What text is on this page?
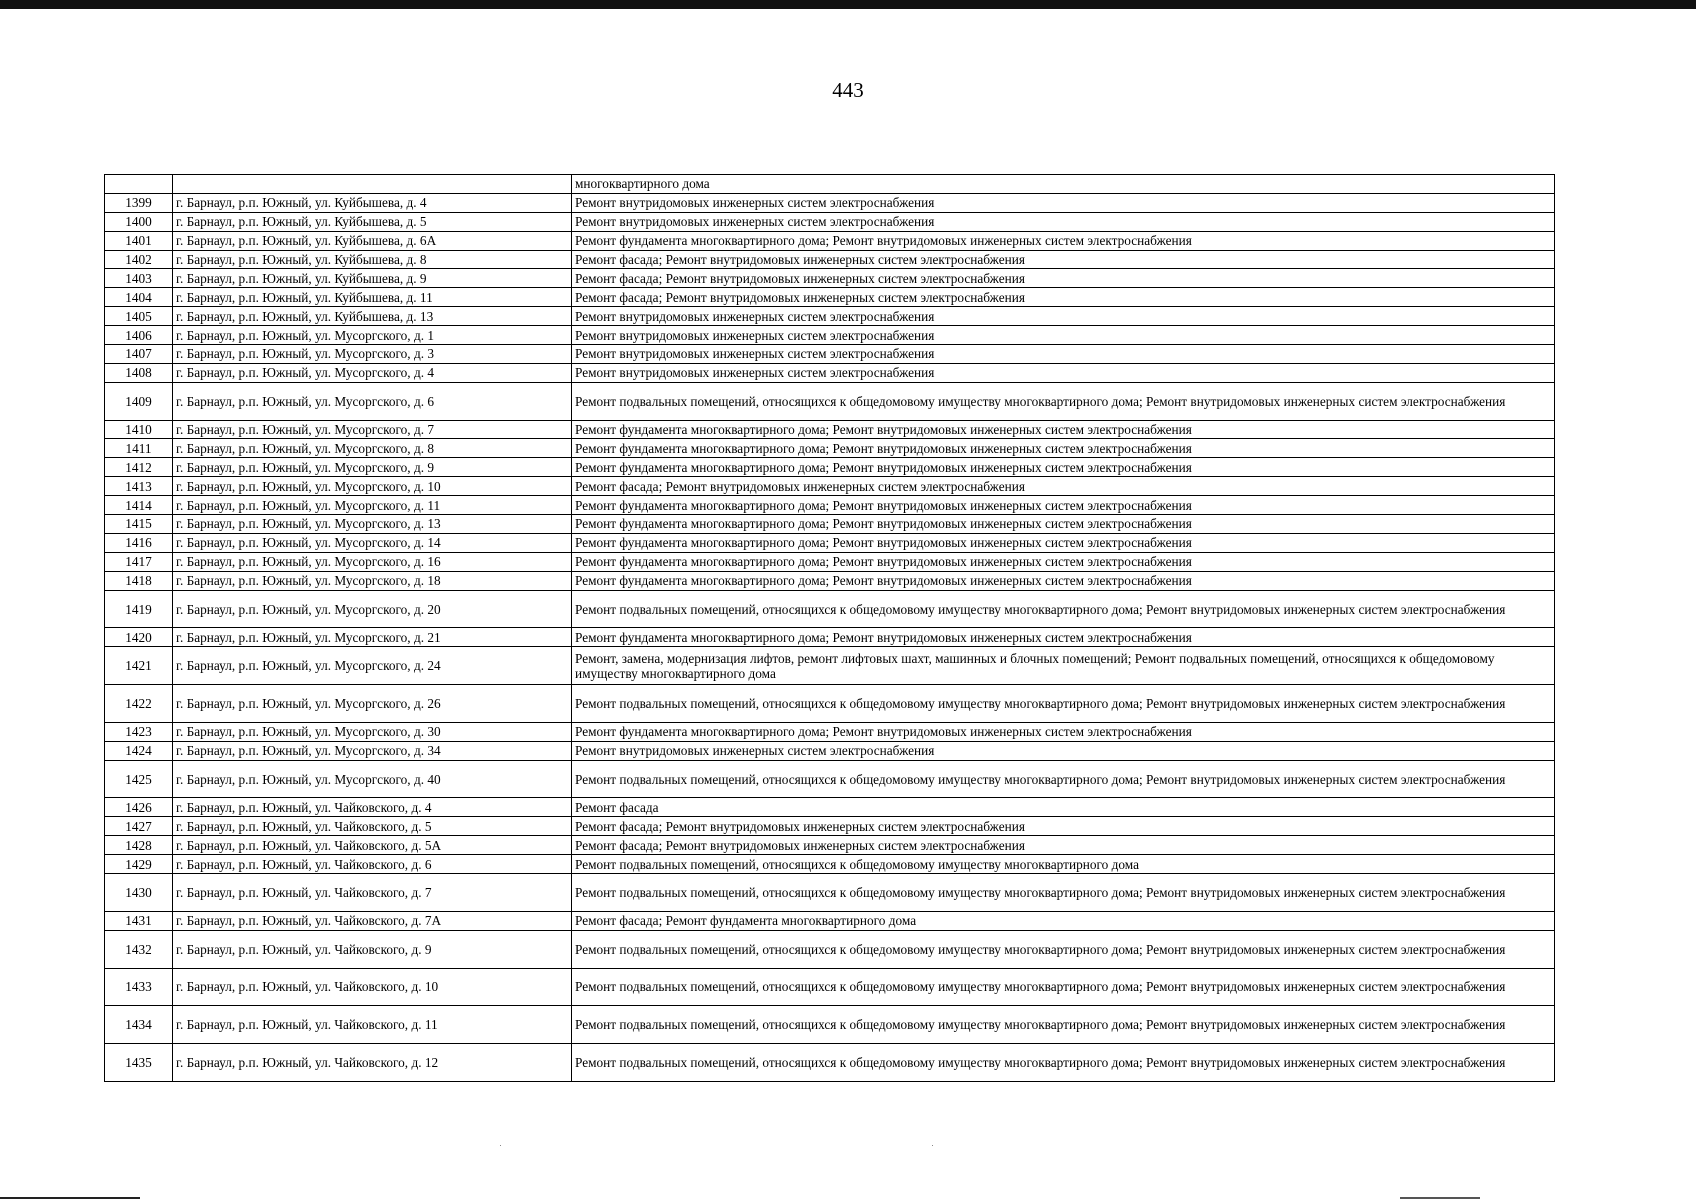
443
		многоквартирного дома
1399	г. Барнаул, р.п. Южный, ул. Куйбышева, д. 4	Ремонт внутридомовых инженерных систем электроснабжения
1400	г. Барнаул, р.п. Южный, ул. Куйбышева, д. 5	Ремонт внутридомовых инженерных систем электроснабжения
1401	г. Барнаул, р.п. Южный, ул. Куйбышева, д. 6А	Ремонт фундамента многоквартирного дома; Ремонт внутридомовых инженерных систем электроснабжения
1402	г. Барнаул, р.п. Южный, ул. Куйбышева, д. 8	Ремонт фасада; Ремонт внутридомовых инженерных систем электроснабжения
1403	г. Барнаул, р.п. Южный, ул. Куйбышева, д. 9	Ремонт фасада; Ремонт внутридомовых инженерных систем электроснабжения
1404	г. Барнаул, р.п. Южный, ул. Куйбышева, д. 11	Ремонт фасада; Ремонт внутридомовых инженерных систем электроснабжения
1405	г. Барнаул, р.п. Южный, ул. Куйбышева, д. 13	Ремонт внутридомовых инженерных систем электроснабжения
1406	г. Барнаул, р.п. Южный, ул. Мусоргского, д. 1	Ремонт внутридомовых инженерных систем электроснабжения
1407	г. Барнаул, р.п. Южный, ул. Мусоргского, д. 3	Ремонт внутридомовых инженерных систем электроснабжения
1408	г. Барнаул, р.п. Южный, ул. Мусоргского, д. 4	Ремонт внутридомовых инженерных систем электроснабжения
1409	г. Барнаул, р.п. Южный, ул. Мусоргского, д. 6	Ремонт подвальных помещений, относящихся к общедомовому имуществу многоквартирного дома; Ремонт внутридомовых инженерных систем электроснабжения
1410	г. Барнаул, р.п. Южный, ул. Мусоргского, д. 7	Ремонт фундамента многоквартирного дома; Ремонт внутридомовых инженерных систем электроснабжения
1411	г. Барнаул, р.п. Южный, ул. Мусоргского, д. 8	Ремонт фундамента многоквартирного дома; Ремонт внутридомовых инженерных систем электроснабжения
1412	г. Барнаул, р.п. Южный, ул. Мусоргского, д. 9	Ремонт фундамента многоквартирного дома; Ремонт внутридомовых инженерных систем электроснабжения
1413	г. Барнаул, р.п. Южный, ул. Мусоргского, д. 10	Ремонт фасада; Ремонт внутридомовых инженерных систем электроснабжения
1414	г. Барнаул, р.п. Южный, ул. Мусоргского, д. 11	Ремонт фундамента многоквартирного дома; Ремонт внутридомовых инженерных систем электроснабжения
1415	г. Барнаул, р.п. Южный, ул. Мусоргского, д. 13	Ремонт фундамента многоквартирного дома; Ремонт внутридомовых инженерных систем электроснабжения
1416	г. Барнаул, р.п. Южный, ул. Мусоргского, д. 14	Ремонт фундамента многоквартирного дома; Ремонт внутридомовых инженерных систем электроснабжения
1417	г. Барнаул, р.п. Южный, ул. Мусоргского, д. 16	Ремонт фундамента многоквартирного дома; Ремонт внутридомовых инженерных систем электроснабжения
1418	г. Барнаул, р.п. Южный, ул. Мусоргского, д. 18	Ремонт фундамента многоквартирного дома; Ремонт внутридомовых инженерных систем электроснабжения
1419	г. Барнаул, р.п. Южный, ул. Мусоргского, д. 20	Ремонт подвальных помещений, относящихся к общедомовому имуществу многоквартирного дома; Ремонт внутридомовых инженерных систем электроснабжения
1420	г. Барнаул, р.п. Южный, ул. Мусоргского, д. 21	Ремонт фундамента многоквартирного дома; Ремонт внутридомовых инженерных систем электроснабжения
1421	г. Барнаул, р.п. Южный, ул. Мусоргского, д. 24	Ремонт, замена, модернизация лифтов, ремонт лифтовых шахт, машинных и блочных помещений; Ремонт подвальных помещений, относящихся к общедомовому имуществу многоквартирного дома
1422	г. Барнаул, р.п. Южный, ул. Мусоргского, д. 26	Ремонт подвальных помещений, относящихся к общедомовому имуществу многоквартирного дома; Ремонт внутридомовых инженерных систем электроснабжения
1423	г. Барнаул, р.п. Южный, ул. Мусоргского, д. 30	Ремонт фундамента многоквартирного дома; Ремонт внутридомовых инженерных систем электроснабжения
1424	г. Барнаул, р.п. Южный, ул. Мусоргского, д. 34	Ремонт внутридомовых инженерных систем электроснабжения
1425	г. Барнаул, р.п. Южный, ул. Мусоргского, д. 40	Ремонт подвальных помещений, относящихся к общедомовому имуществу многоквартирного дома; Ремонт внутридомовых инженерных систем электроснабжения
1426	г. Барнаул, р.п. Южный, ул. Чайковского, д. 4	Ремонт фасада
1427	г. Барнаул, р.п. Южный, ул. Чайковского, д. 5	Ремонт фасада; Ремонт внутридомовых инженерных систем электроснабжения
1428	г. Барнаул, р.п. Южный, ул. Чайковского, д. 5А	Ремонт фасада; Ремонт внутридомовых инженерных систем электроснабжения
1429	г. Барнаул, р.п. Южный, ул. Чайковского, д. 6	Ремонт подвальных помещений, относящихся к общедомовому имуществу многоквартирного дома
1430	г. Барнаул, р.п. Южный, ул. Чайковского, д. 7	Ремонт подвальных помещений, относящихся к общедомовому имуществу многоквартирного дома; Ремонт внутридомовых инженерных систем электроснабжения
1431	г. Барнаул, р.п. Южный, ул. Чайковского, д. 7А	Ремонт фасада; Ремонт фундамента многоквартирного дома
1432	г. Барнаул, р.п. Южный, ул. Чайковского, д. 9	Ремонт подвальных помещений, относящихся к общедомовому имуществу многоквартирного дома; Ремонт внутридомовых инженерных систем электроснабжения
1433	г. Барнаул, р.п. Южный, ул. Чайковского, д. 10	Ремонт подвальных помещений, относящихся к общедомовому имуществу многоквартирного дома; Ремонт внутридомовых инженерных систем электроснабжения
1434	г. Барнаул, р.п. Южный, ул. Чайковского, д. 11	Ремонт подвальных помещений, относящихся к общедомовому имуществу многоквартирного дома; Ремонт внутридомовых инженерных систем электроснабжения
1435	г. Барнаул, р.п. Южный, ул. Чайковского, д. 12	Ремонт подвальных помещений, относящихся к общедомовому имуществу многоквартирного дома; Ремонт внутридомовых инженерных систем электроснабжения
